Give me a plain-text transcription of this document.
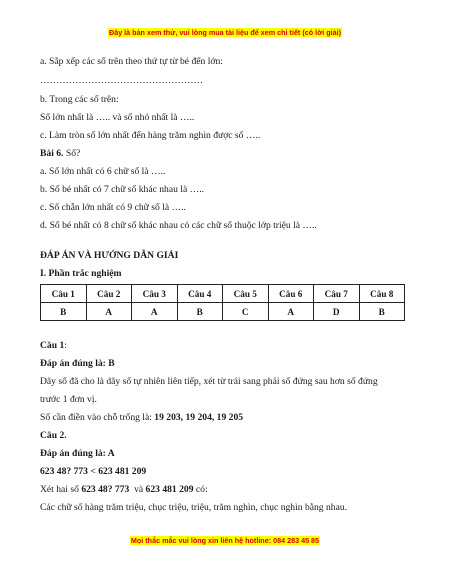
Đây là bản xem thử, vui lòng mua tài liệu để xem chi tiết (có lời giải)
a. Sắp xếp các số trên theo thứ tự từ bé đến lớn:
……………………………………………
b. Trong các số trên:
Số lớn nhất là ….. và số nhỏ nhất là …..
c. Làm tròn số lớn nhất đến hàng trăm nghìn được số …..
Bài 6. Số?
a. Số lớn nhất có 6 chữ số là …..
b. Số bé nhất có 7 chữ số khác nhau là …..
c. Số chẵn lớn nhất có 9 chữ số là …..
d. Số bé nhất có 8 chữ số khác nhau có các chữ số thuộc lớp triệu là …..
ĐÁP ÁN VÀ HƯỚNG DẪN GIẢI
I. Phần trắc nghiệm
Câu 1	Câu 2	Câu 3	Câu 4	Câu 5	Câu 6	Câu 7	Câu 8
B	A	A	B	C	A	D	B
Câu 1:
Đáp án đúng là: B
Dãy số đã cho là dãy số tự nhiên liên tiếp, xét từ trái sang phải số đứng sau hơn số đứng
trước 1 đơn vị.
Số cần điền vào chỗ trống là: 19 203, 19 204, 19 205
Câu 2.
Đáp án đúng là: A
623 48? 773 < 623 481 209
Xét hai số 623 48? 773  và 623 481 209 có:
Các chữ số hàng trăm triệu, chục triệu, triệu, trăm nghìn, chục nghìn bằng nhau.
Mọi thắc mắc vui lòng xin liên hệ hotline: 084 283 45 85
